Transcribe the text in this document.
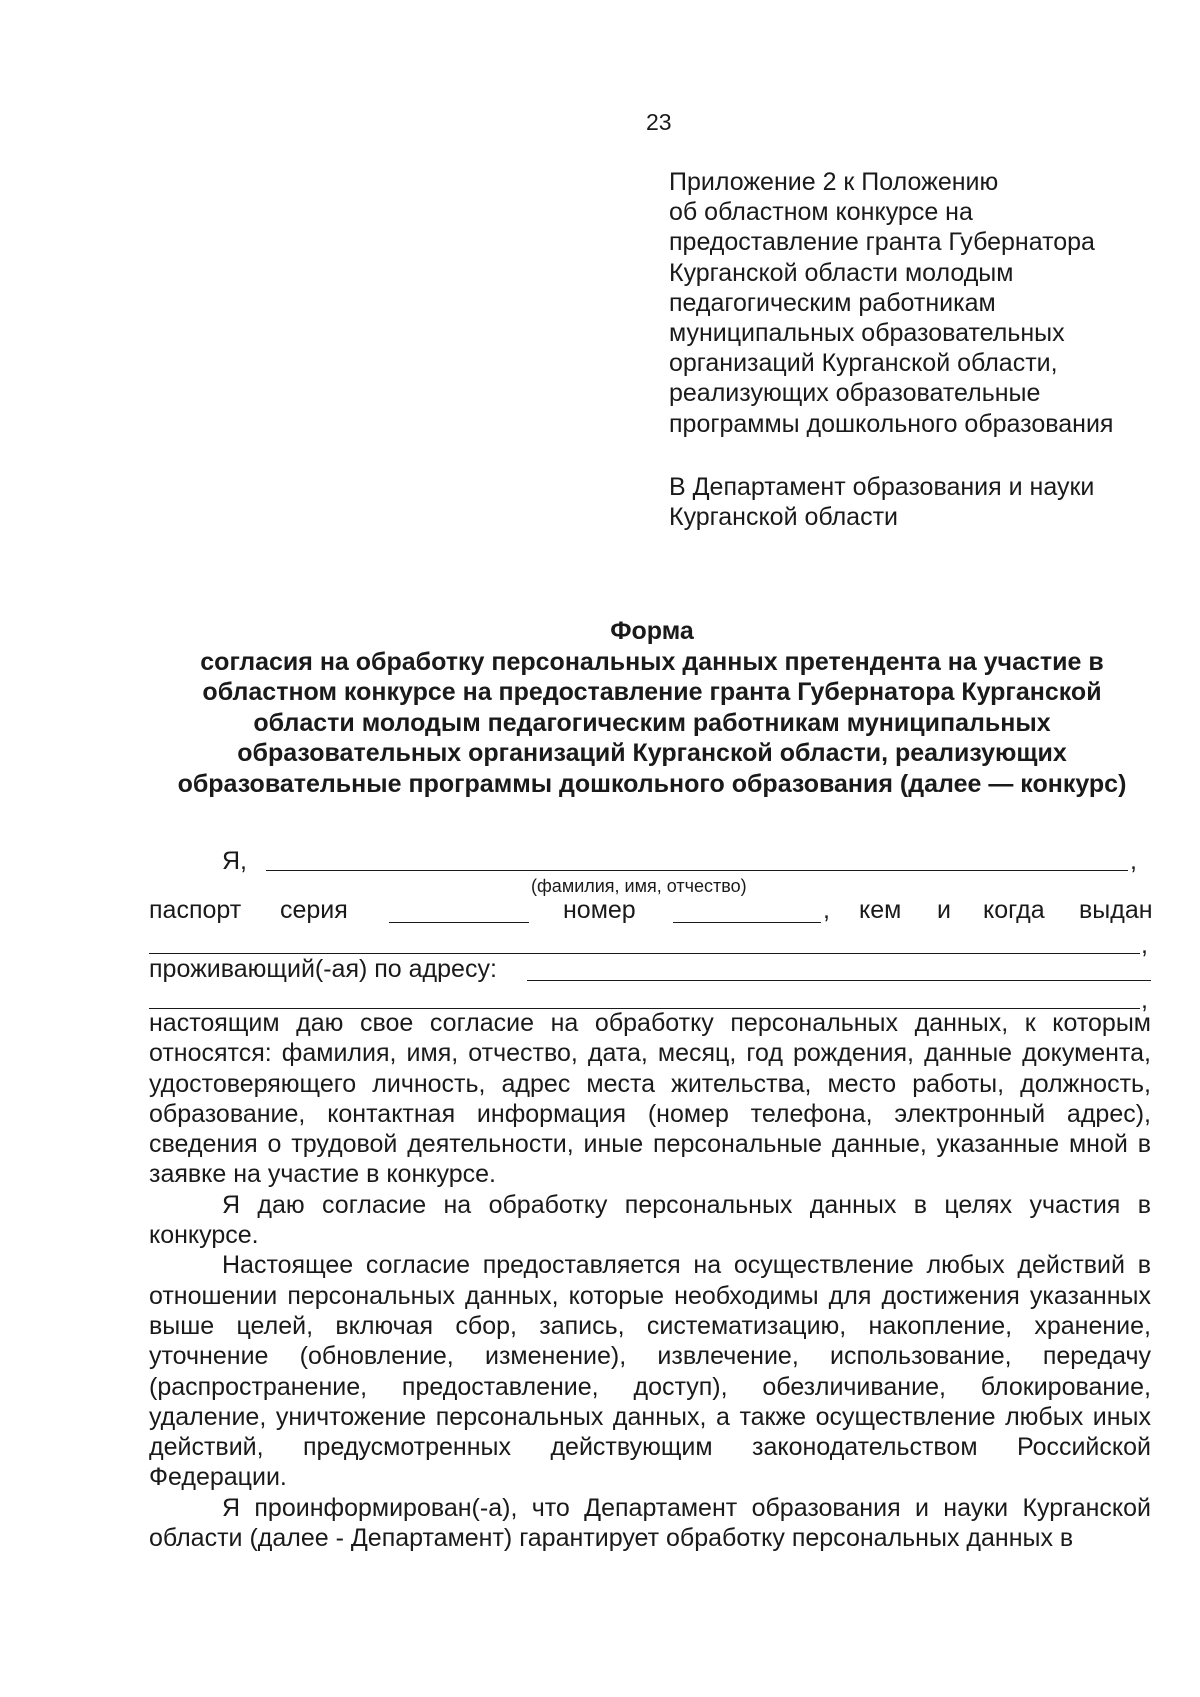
23
Приложение 2 к Положению
об областном конкурсе на
предоставление гранта Губернатора
Курганской области молодым
педагогическим работникам
муниципальных образовательных
организаций Курганской области,
реализующих образовательные
программы дошкольного образования
В Департамент образования и науки
Курганской области
Форма
согласия на обработку персональных данных претендента на участие в
областном конкурсе на предоставление гранта Губернатора Курганской
области молодым педагогическим работникам муниципальных
образовательных организаций Курганской области, реализующих
образовательные программы дошкольного образования (далее — конкурс)
Я,	,
(фамилия, имя, отчество)
паспорт серия	номер	, кем и когда выдан
,
проживающий(-ая) по адресу:
,

настоящим даю свое согласие на обработку персональных данных, к которым относятся: фамилия, имя, отчество, дата, месяц, год рождения, данные документа, удостоверяющего личность, адрес места жительства, место работы, должность, образование, контактная информация (номер телефона, электронный адрес), сведения о трудовой деятельности, иные персональные данные, указанные мной в заявке на участие в конкурсе.

Я даю согласие на обработку персональных данных в целях участия в конкурсе.

Настоящее согласие предоставляется на осуществление любых действий в отношении персональных данных, которые необходимы для достижения указанных выше целей, включая сбор, запись, систематизацию, накопление, хранение, уточнение (обновление, изменение), извлечение, использование, передачу (распространение, предоставление, доступ), обезличивание, блокирование, удаление, уничтожение персональных данных, а также осуществление любых иных действий, предусмотренных действующим законодательством Российской Федерации.

Я проинформирован(-а), что Департамент образования и науки Курганской области (далее - Департамент) гарантирует обработку персональных данных в
